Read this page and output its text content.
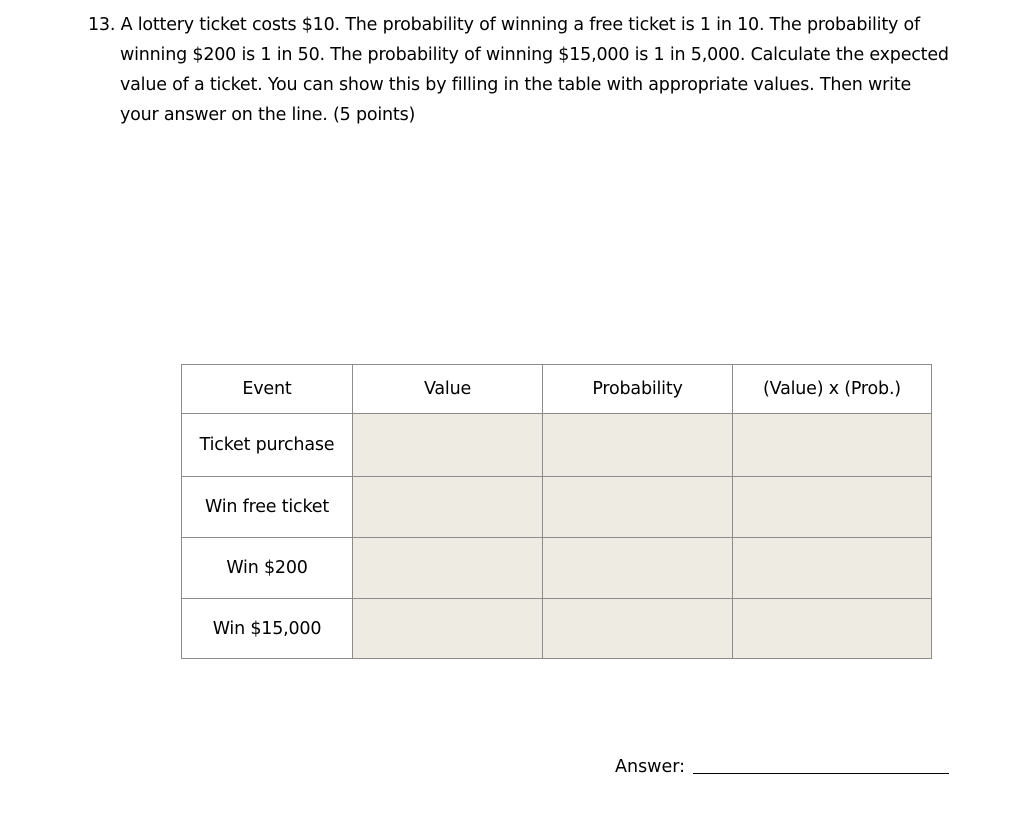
13. A lottery ticket costs $10. The probability of winning a free ticket is 1 in 10. The probability of
winning $200 is 1 in 50. The probability of winning $15,000 is 1 in 5,000. Calculate the expected
value of a ticket. You can show this by filling in the table with appropriate values. Then write
your answer on the line. (5 points)
Event	Value	Probability	(Value) x (Prob.)
Ticket purchase			
Win free ticket			
Win $200			
Win $15,000			
Answer:
